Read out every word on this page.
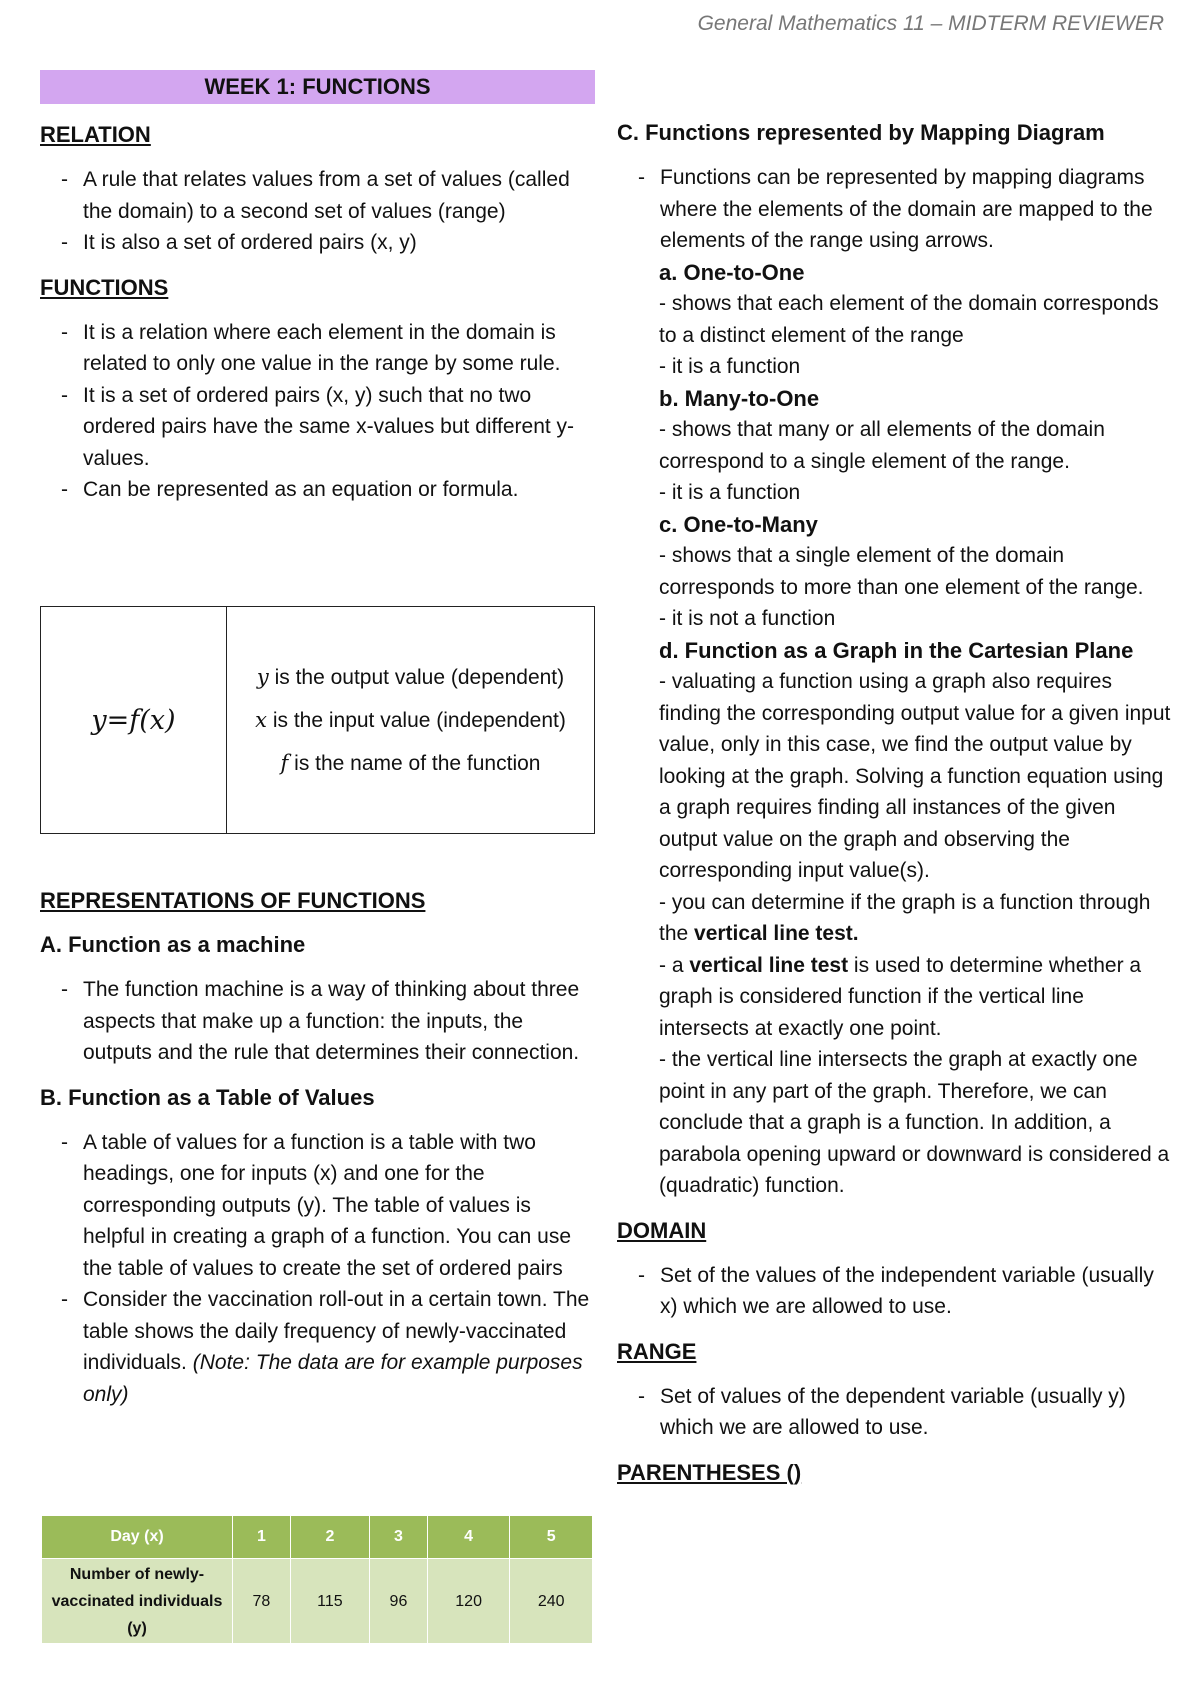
General Mathematics 11 – MIDTERM REVIEWER
WEEK 1: FUNCTIONS

RELATION

- A rule that relates values from a set of values (called the domain) to a second set of values (range)
- It is also a set of ordered pairs (x, y)

FUNCTIONS

- It is a relation where each element in the domain is related to only one value in the range by some rule.
- It is a set of ordered pairs (x, y) such that no two ordered pairs have the same x-values but different y-values.
- Can be represented as an equation or formula.
y=f(x)	
y is the output value (dependent)
x is the input value (independent)
f is the name of the function

REPRESENTATIONS OF FUNCTIONS

A. Function as a machine

- The function machine is a way of thinking about three aspects that make up a function: the inputs, the outputs and the rule that determines their connection.

B. Function as a Table of Values

- A table of values for a function is a table with two headings, one for inputs (x) and one for the corresponding outputs (y). The table of values is helpful in creating a graph of a function. You can use the table of values to create the set of ordered pairs
- Consider the vaccination roll-out in a certain town. The table shows the daily frequency of newly-vaccinated individuals. (Note: The data are for example purposes only)
Day (x)	1	2	3	4	5
Number of newly-vaccinated individuals (y)	78	115	96	120	240

C. Functions represented by Mapping Diagram

- Functions can be represented by mapping diagrams where the elements of the domain are mapped to the elements of the range using arrows.

a. One-to-One

- shows that each element of the domain corresponds to a distinct element of the range

- it is a function

b. Many-to-One

- shows that many or all elements of the domain correspond to a single element of the range.

- it is a function

c. One-to-Many

- shows that a single element of the domain corresponds to more than one element of the range.

- it is not a function

d. Function as a Graph in the Cartesian Plane

- valuating a function using a graph also requires finding the corresponding output value for a given input value, only in this case, we find the output value by looking at the graph. Solving a function equation using a graph requires finding all instances of the given output value on the graph and observing the corresponding input value(s).

- you can determine if the graph is a function through the vertical line test.

- a vertical line test is used to determine whether a graph is considered function if the vertical line intersects at exactly one point.

- the vertical line intersects the graph at exactly one point in any part of the graph. Therefore, we can conclude that a graph is a function. In addition, a parabola opening upward or downward is considered a (quadratic) function.

DOMAIN

- Set of the values of the independent variable (usually x) which we are allowed to use.

RANGE

- Set of values of the dependent variable (usually y) which we are allowed to use.

PARENTHESES ()
